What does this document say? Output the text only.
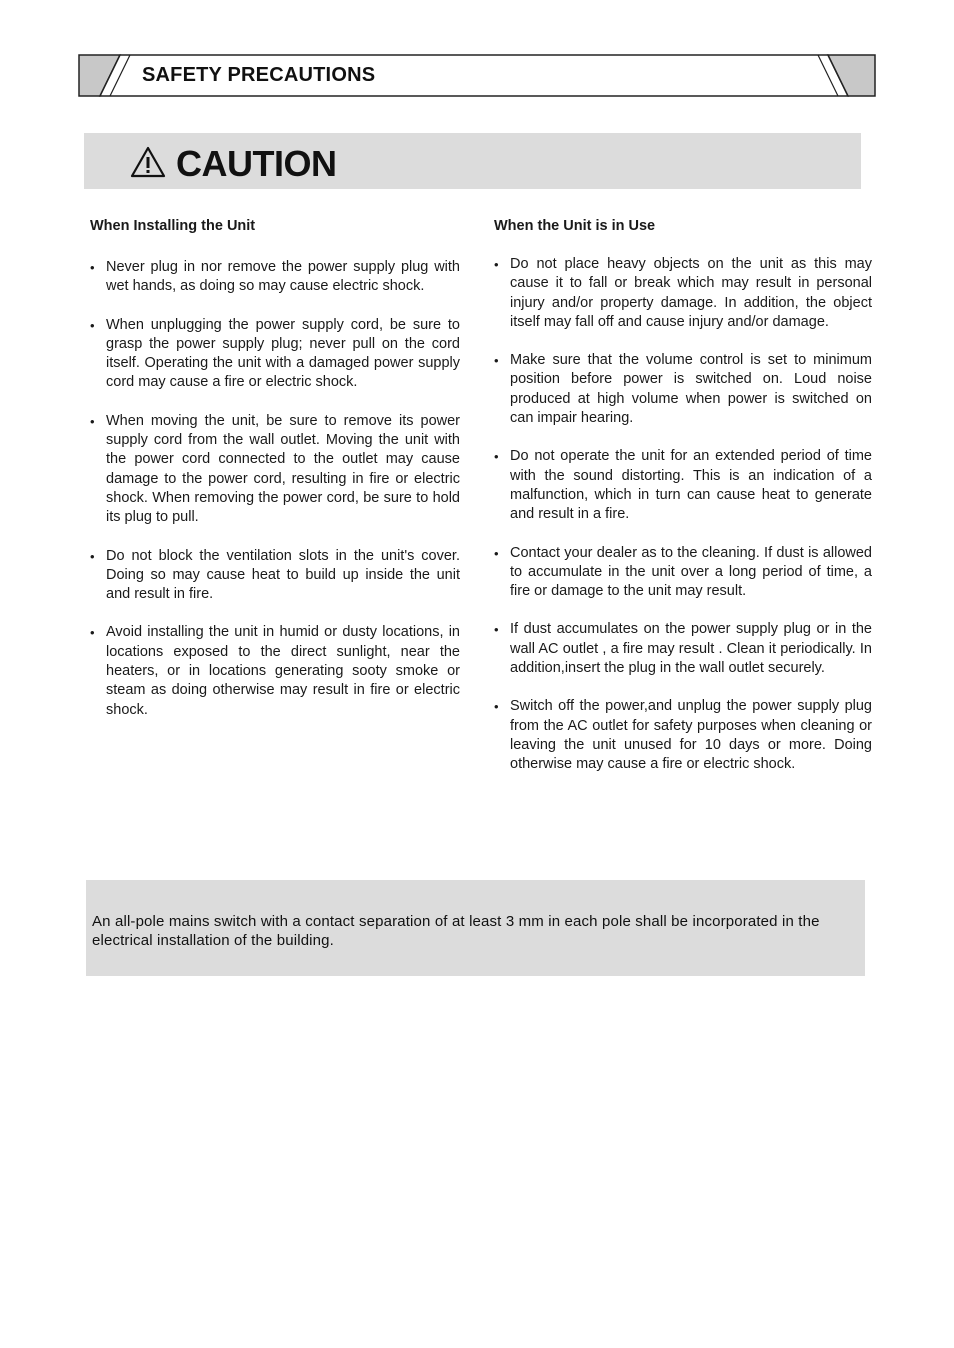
SAFETY PRECAUTIONS
CAUTION
When Installing the Unit
• Never plug in nor remove the power supply plug with wet hands, as doing so may cause electric shock.
• When unplugging the power supply cord, be sure to grasp the power supply plug; never pull on the cord itself. Operating the unit with a damaged power supply cord may cause a fire or electric shock.
• When moving the unit, be sure to remove its power supply cord from the wall outlet. Moving the unit with the power cord connected to the outlet may cause damage to the power cord, resulting in fire or electric shock. When removing the power cord, be sure to hold its plug to pull.
• Do not block the ventilation slots in the unit's cover. Doing so may cause heat to build up inside the unit and result in fire.
• Avoid installing the unit in humid or dusty locations, in locations exposed to the direct sunlight, near the heaters, or in locations generating sooty smoke or steam as doing otherwise may result in fire or electric shock.
When the Unit is in Use
• Do not place heavy objects on the unit as this may cause it to fall or break which may result in personal injury and/or property damage. In addition, the object itself may fall off and cause injury and/or damage.
• Make sure that the volume control is set to minimum position before power is switched on. Loud noise produced at high volume when power is switched on can impair hearing.
• Do not operate the unit for an extended period of time with the sound distorting. This is an indication of a malfunction, which in turn can cause heat to generate and result in a fire.
• Contact your dealer as to the cleaning. If dust is allowed to accumulate in the unit over a long period of time, a fire or damage to the unit may result.
• If dust accumulates on the power supply plug or in the wall AC outlet , a fire may result . Clean it periodically. In addition,insert the plug in the wall outlet securely.
• Switch off the power,and unplug the power supply plug from the AC outlet for safety purposes when cleaning or leaving the unit unused for 10 days or more. Doing otherwise may cause a fire or electric shock.
An all-pole mains switch with a contact separation of at least 3 mm in each pole shall be incorporated in the electrical installation of the building.
